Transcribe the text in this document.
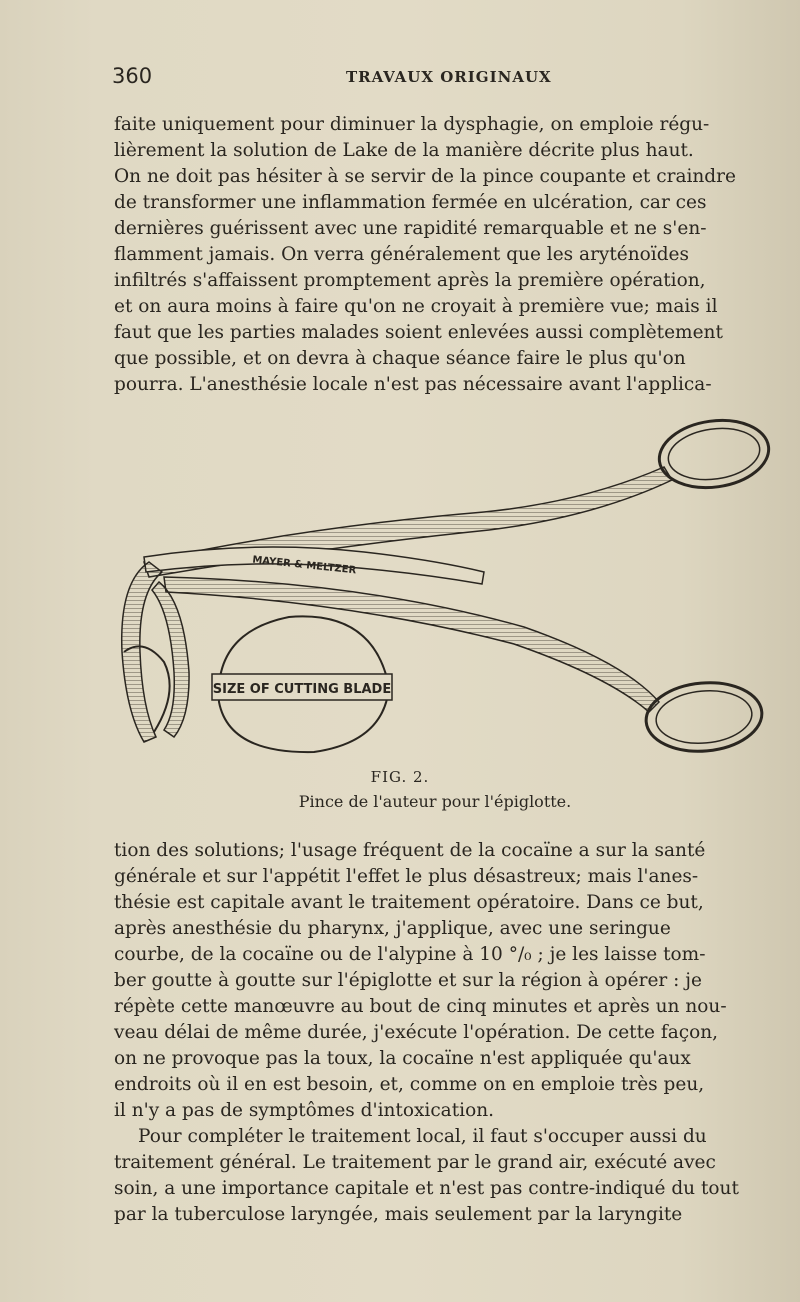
360	TRAVAUX ORIGINAUX
faite uniquement pour diminuer la dysphagie, on emploie régu-
lièrement la solution de Lake de la manière décrite plus haut.
On ne doit pas hésiter à se servir de la pince coupante et craindre
de transformer une inflammation fermée en ulcération, car ces
dernières guérissent avec une rapidité remarquable et ne s'en-
flamment jamais. On verra généralement que les aryténoïdes
infiltrés s'affaissent promptement après la première opération,
et on aura moins à faire qu'on ne croyait à première vue; mais il
faut que les parties malades soient enlevées aussi complètement
que possible, et on devra à chaque séance faire le plus qu'on
pourra. L'anesthésie locale n'est pas nécessaire avant l'applica-
SIZE OF CUTTING BLADE
MAYER & MELTZER
FIG. 2.
Pince de l'auteur pour l'épiglotte.
tion des solutions; l'usage fréquent de la cocaïne a sur la santé
générale et sur l'appétit l'effet le plus désastreux; mais l'anes-
thésie est capitale avant le traitement opératoire. Dans ce but,
après anesthésie du pharynx, j'applique, avec une seringue
courbe, de la cocaïne ou de l'alypine à 10 °/₀ ; je les laisse tom-
ber goutte à goutte sur l'épiglotte et sur la région à opérer : je
répète cette manœuvre au bout de cinq minutes et après un nou-
veau délai de même durée, j'exécute l'opération. De cette façon,
on ne provoque pas la toux, la cocaïne n'est appliquée qu'aux
endroits où il en est besoin, et, comme on en emploie très peu,
il n'y a pas de symptômes d'intoxication.
Pour compléter le traitement local, il faut s'occuper aussi du
traitement général. Le traitement par le grand air, exécuté avec
soin, a une importance capitale et n'est pas contre-indiqué du tout
par la tuberculose laryngée, mais seulement par la laryngite
